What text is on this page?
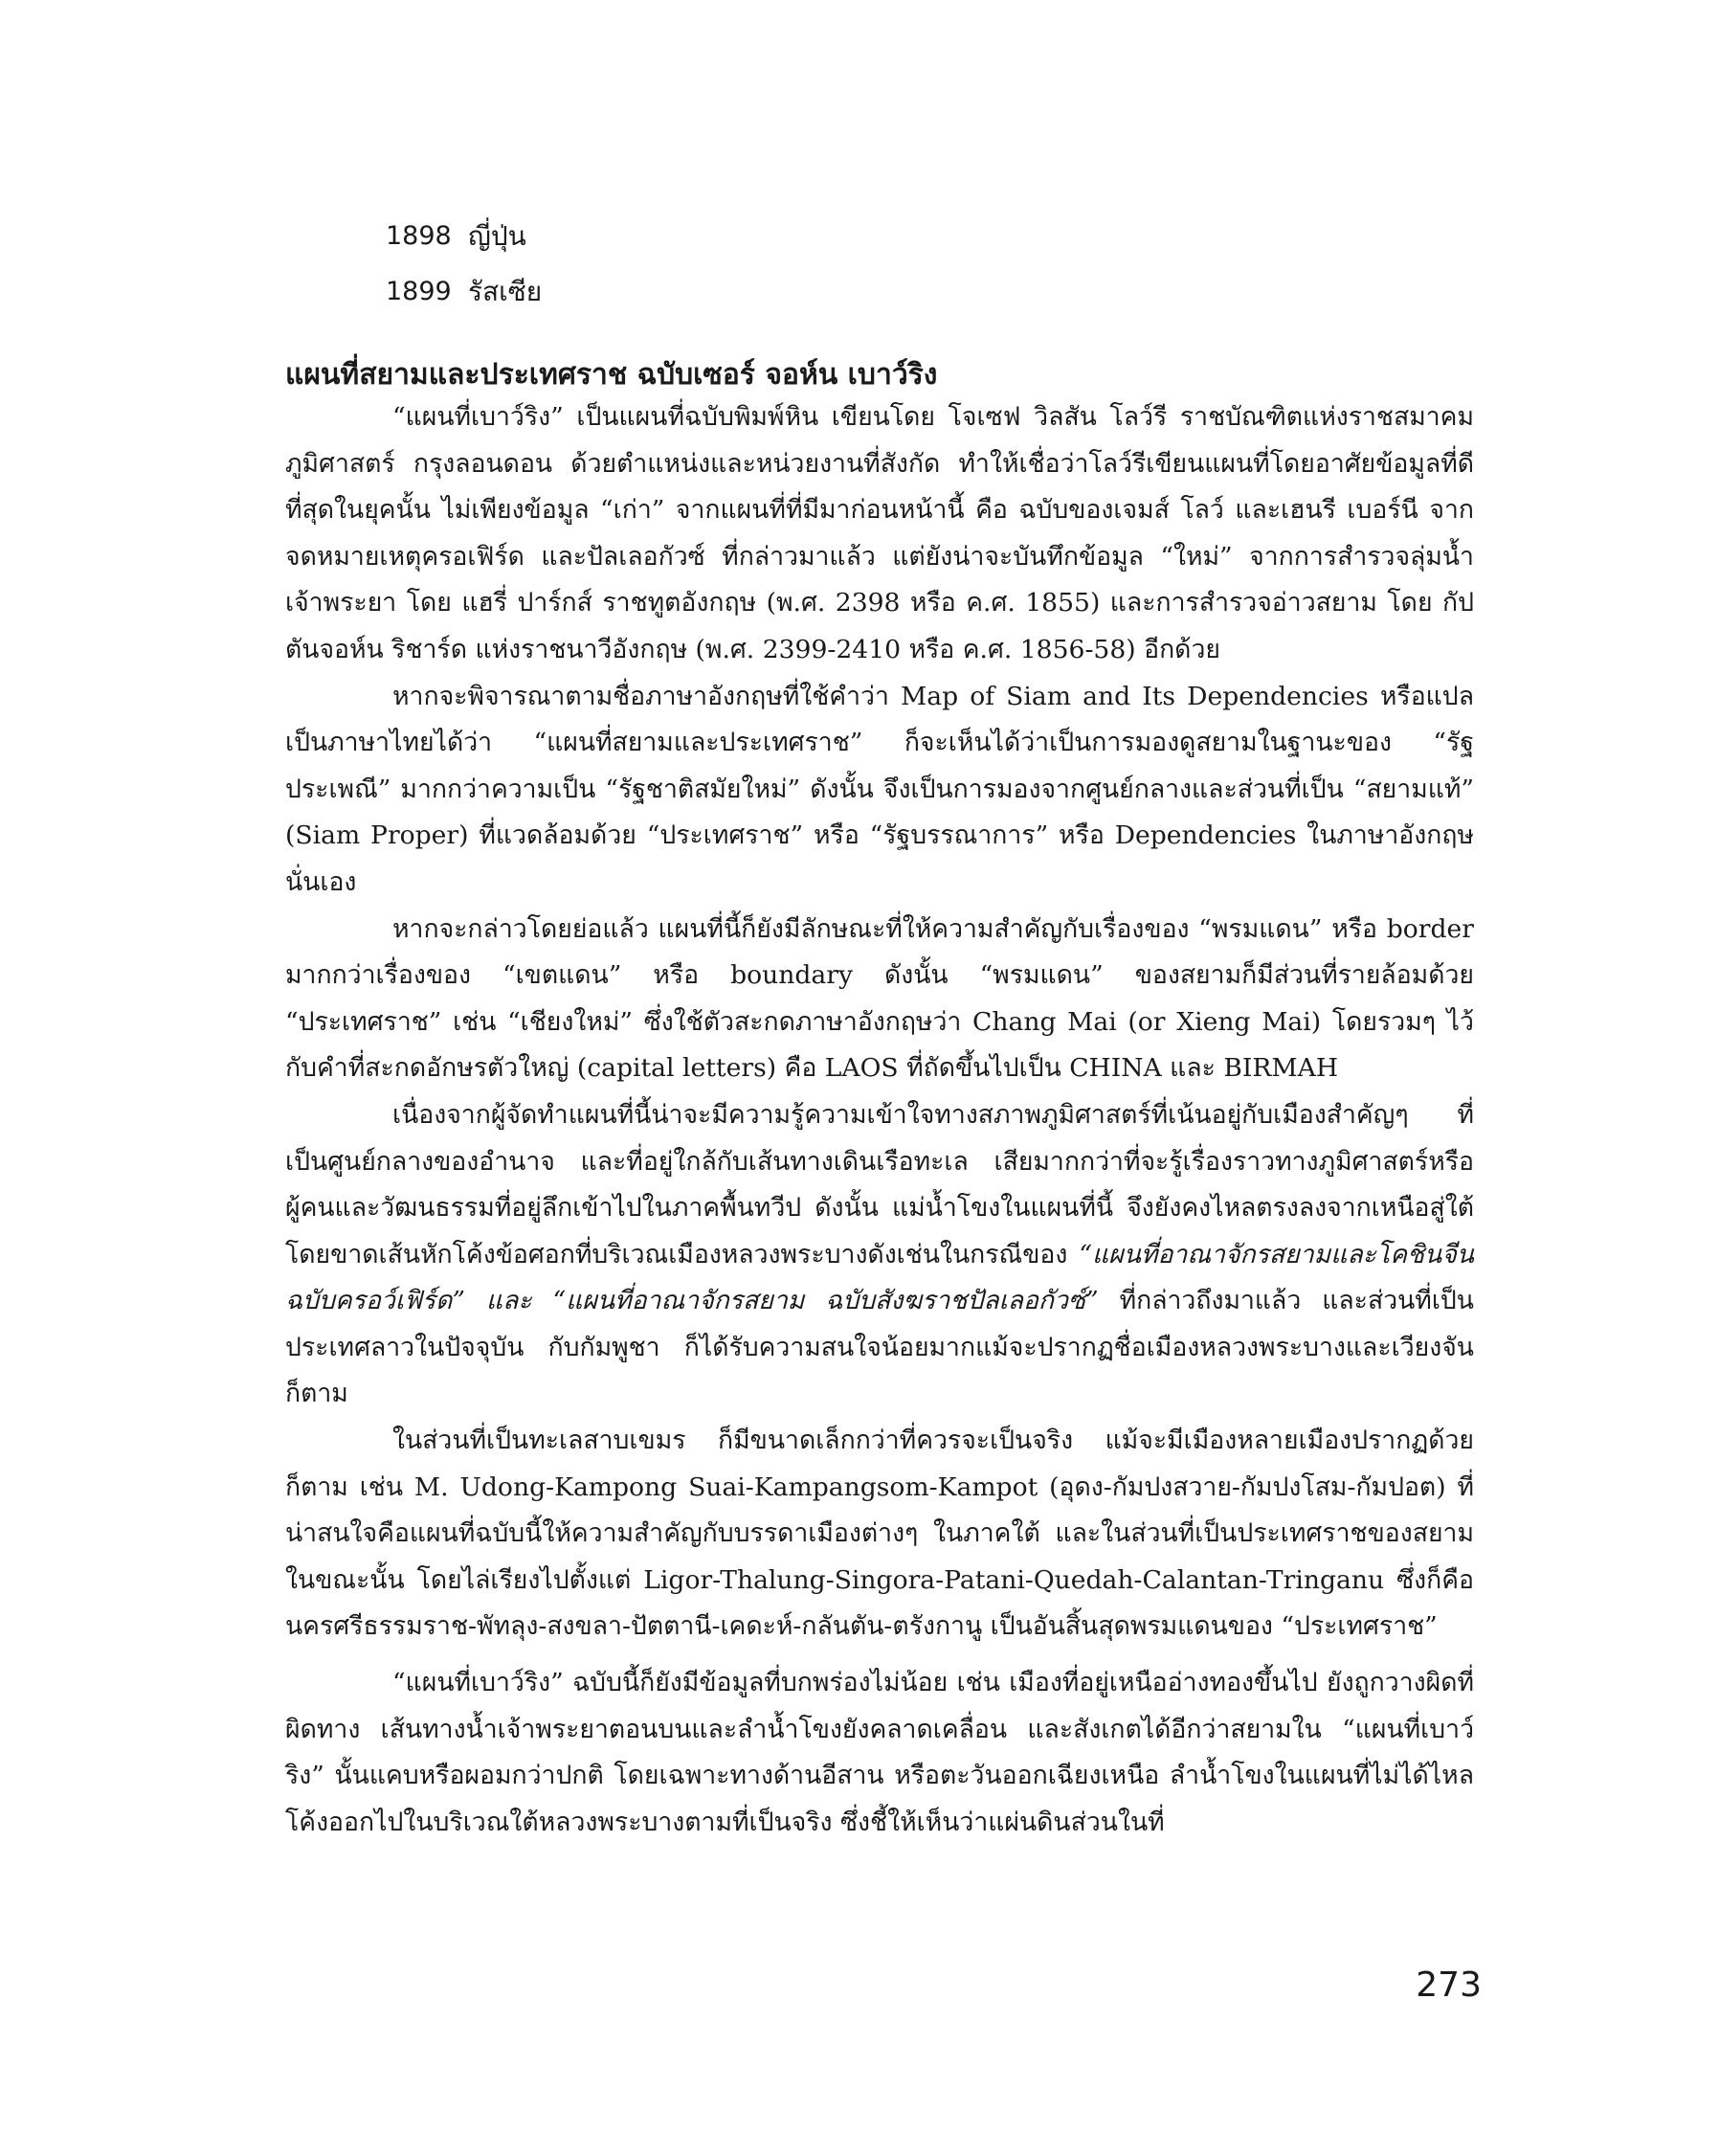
1898 ญี่ปุ่น
1899 รัสเซีย
แผนที่สยามและประเทศราช ฉบับเซอร์ จอห์น เบาว์ริง

“แผนที่เบาว์ริง” เป็นแผนที่ฉบับพิมพ์หิน เขียนโดย โจเซฟ วิลสัน โลว์รี ราชบัณฑิตแห่งราชสมาคมภูมิศาสตร์ กรุงลอนดอน ด้วยตำแหน่งและหน่วยงานที่สังกัด ทำให้เชื่อว่าโลว์รีเขียนแผนที่โดยอาศัยข้อมูลที่ดีที่สุดในยุคนั้น ไม่เพียงข้อมูล “เก่า” จากแผนที่ที่มีมาก่อนหน้านี้ คือ ฉบับของเจมส์ โลว์ และเฮนรี เบอร์นี จากจดหมายเหตุครอเฟิร์ด และปัลเลอกัวซ์ ที่กล่าวมาแล้ว แต่ยังน่าจะบันทึกข้อมูล “ใหม่” จากการสำรวจลุ่มน้ำเจ้าพระยา โดย แฮรี่ ปาร์กส์ ราชทูตอังกฤษ (พ.ศ. 2398 หรือ ค.ศ. 1855) และการสำรวจอ่าวสยาม โดย กัปตันจอห์น ริชาร์ด แห่งราชนาวีอังกฤษ (พ.ศ. 2399-2410 หรือ ค.ศ. 1856-58) อีกด้วย

หากจะพิจารณาตามชื่อภาษาอังกฤษที่ใช้คำว่า Map of Siam and Its Dependencies หรือแปลเป็นภาษาไทยได้ว่า “แผนที่สยามและประเทศราช” ก็จะเห็นได้ว่าเป็นการมองดูสยามในฐานะของ “รัฐประเพณี” มากกว่าความเป็น “รัฐชาติสมัยใหม่” ดังนั้น จึงเป็นการมองจากศูนย์กลางและส่วนที่เป็น “สยามแท้” (Siam Proper) ที่แวดล้อมด้วย “ประเทศราช” หรือ “รัฐบรรณาการ” หรือ Dependencies ในภาษาอังกฤษนั่นเอง

หากจะกล่าวโดยย่อแล้ว แผนที่นี้ก็ยังมีลักษณะที่ให้ความสำคัญกับเรื่องของ “พรมแดน” หรือ border มากกว่าเรื่องของ “เขตแดน” หรือ boundary ดังนั้น “พรมแดน” ของสยามก็มีส่วนที่รายล้อมด้วย “ประเทศราช” เช่น “เชียงใหม่” ซึ่งใช้ตัวสะกดภาษาอังกฤษว่า Chang Mai (or Xieng Mai) โดยรวมๆ ไว้กับคำที่สะกดอักษรตัวใหญ่ (capital letters) คือ LAOS ที่ถัดขึ้นไปเป็น CHINA และ BIRMAH

เนื่องจากผู้จัดทำแผนที่นี้น่าจะมีความรู้ความเข้าใจทางสภาพภูมิศาสตร์ที่เน้นอยู่กับเมืองสำคัญๆ ที่เป็นศูนย์กลางของอำนาจ และที่อยู่ใกล้กับเส้นทางเดินเรือทะเล เสียมากกว่าที่จะรู้เรื่องราวทางภูมิศาสตร์หรือผู้คนและวัฒนธรรมที่อยู่ลึกเข้าไปในภาคพื้นทวีป ดังนั้น แม่น้ำโขงในแผนที่นี้ จึงยังคงไหลตรงลงจากเหนือสู่ใต้ โดยขาดเส้นหักโค้งข้อศอกที่บริเวณเมืองหลวงพระบางดังเช่นในกรณีของ “แผนที่อาณาจักรสยามและโคชินจีน ฉบับครอว์เฟิร์ด” และ “แผนที่อาณาจักรสยาม ฉบับสังฆราชปัลเลอกัวซ์” ที่กล่าวถึงมาแล้ว และส่วนที่เป็นประเทศลาวในปัจจุบัน กับกัมพูชา ก็ได้รับความสนใจน้อยมากแม้จะปรากฏชื่อเมืองหลวงพระบางและเวียงจันก็ตาม

ในส่วนที่เป็นทะเลสาบเขมร ก็มีขนาดเล็กกว่าที่ควรจะเป็นจริง แม้จะมีเมืองหลายเมืองปรากฏด้วยก็ตาม เช่น M. Udong-Kampong Suai-Kampangsom-Kampot (อุดง-กัมปงสวาย-กัมปงโสม-กัมปอต) ที่น่าสนใจคือแผนที่ฉบับนี้ให้ความสำคัญกับบรรดาเมืองต่างๆ ในภาคใต้ และในส่วนที่เป็นประเทศราชของสยามในขณะนั้น โดยไล่เรียงไปตั้งแต่ Ligor-Thalung-Singora-Patani-Quedah-Calantan-Tringanu ซึ่งก็คือ นครศรีธรรมราช-พัทลุง-สงขลา-ปัตตานี-เคดะห์-กลันตัน-ตรังกานู เป็นอันสิ้นสุดพรมแดนของ “ประเทศราช”

“แผนที่เบาว์ริง” ฉบับนี้ก็ยังมีข้อมูลที่บกพร่องไม่น้อย เช่น เมืองที่อยู่เหนืออ่างทองขึ้นไป ยังถูกวางผิดที่ผิดทาง เส้นทางน้ำเจ้าพระยาตอนบนและลำน้ำโขงยังคลาดเคลื่อน และสังเกตได้อีกว่าสยามใน “แผนที่เบาว์ริง” นั้นแคบหรือผอมกว่าปกติ โดยเฉพาะทางด้านอีสาน หรือตะวันออกเฉียงเหนือ ลำน้ำโขงในแผนที่ไม่ได้ไหลโค้งออกไปในบริเวณใต้หลวงพระบางตามที่เป็นจริง ซึ่งชี้ให้เห็นว่าแผ่นดินส่วนในที่

273
